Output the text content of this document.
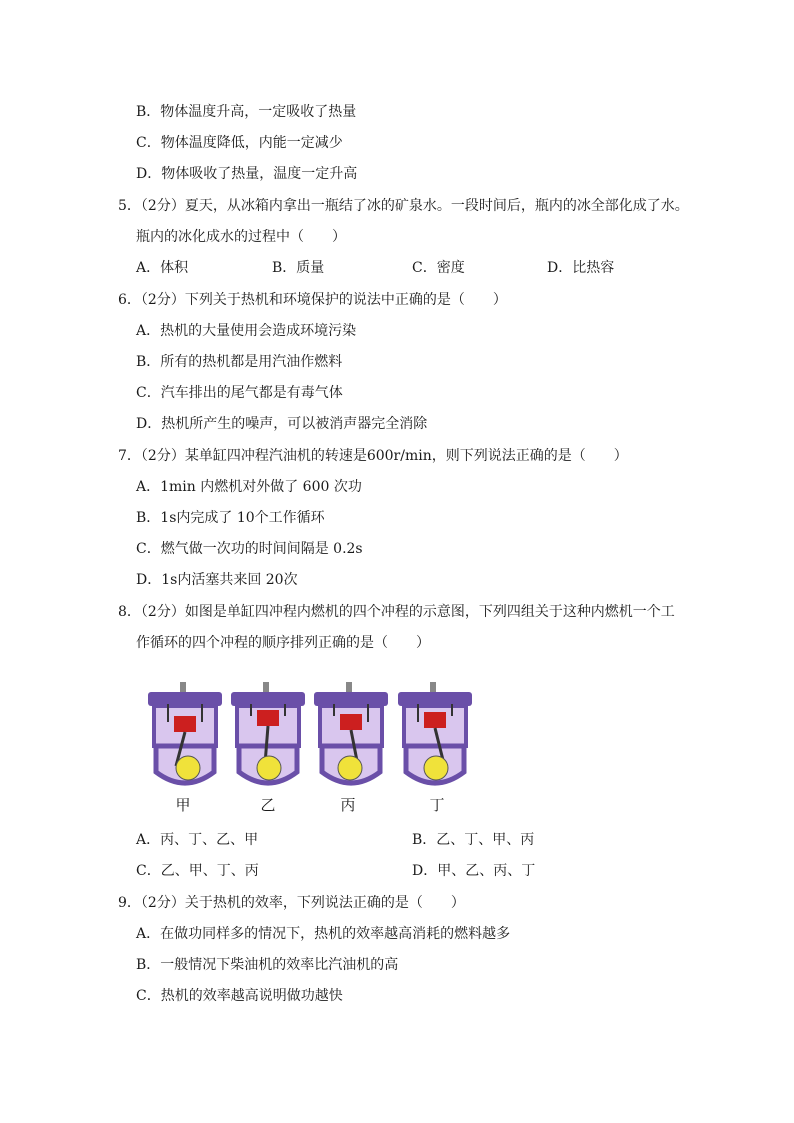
B．物体温度升高，一定吸收了热量
C．物体温度降低，内能一定减少
D．物体吸收了热量，温度一定升高
5．（2分）夏天，从冰箱内拿出一瓶结了冰的矿泉水。一段时间后，瓶内的冰全部化成了水。
瓶内的冰化成水的过程中（　　）
A．体积	B．质量	C．密度	D．比热容
6．（2分）下列关于热机和环境保护的说法中正确的是（　　）
A．热机的大量使用会造成环境污染
B．所有的热机都是用汽油作燃料
C．汽车排出的尾气都是有毒气体
D．热机所产生的噪声，可以被消声器完全消除
7．（2分）某单缸四冲程汽油机的转速是600r/min，则下列说法正确的是（　　）
A．1min 内燃机对外做了 600 次功
B．1s内完成了 10个工作循环
C．燃气做一次功的时间间隔是 0.2s
D．1s内活塞共来回 20次
8．（2分）如图是单缸四冲程内燃机的四个冲程的示意图，下列四组关于这种内燃机一个工
作循环的四个冲程的顺序排列正确的是（　　）
甲	乙	丙	丁
A．丙、丁、乙、甲	B．乙、丁、甲、丙
C．乙、甲、丁、丙	D．甲、乙、丙、丁
9．（2分）关于热机的效率，下列说法正确的是（　　）
A．在做功同样多的情况下，热机的效率越高消耗的燃料越多
B．一般情况下柴油机的效率比汽油机的高
C．热机的效率越高说明做功越快
